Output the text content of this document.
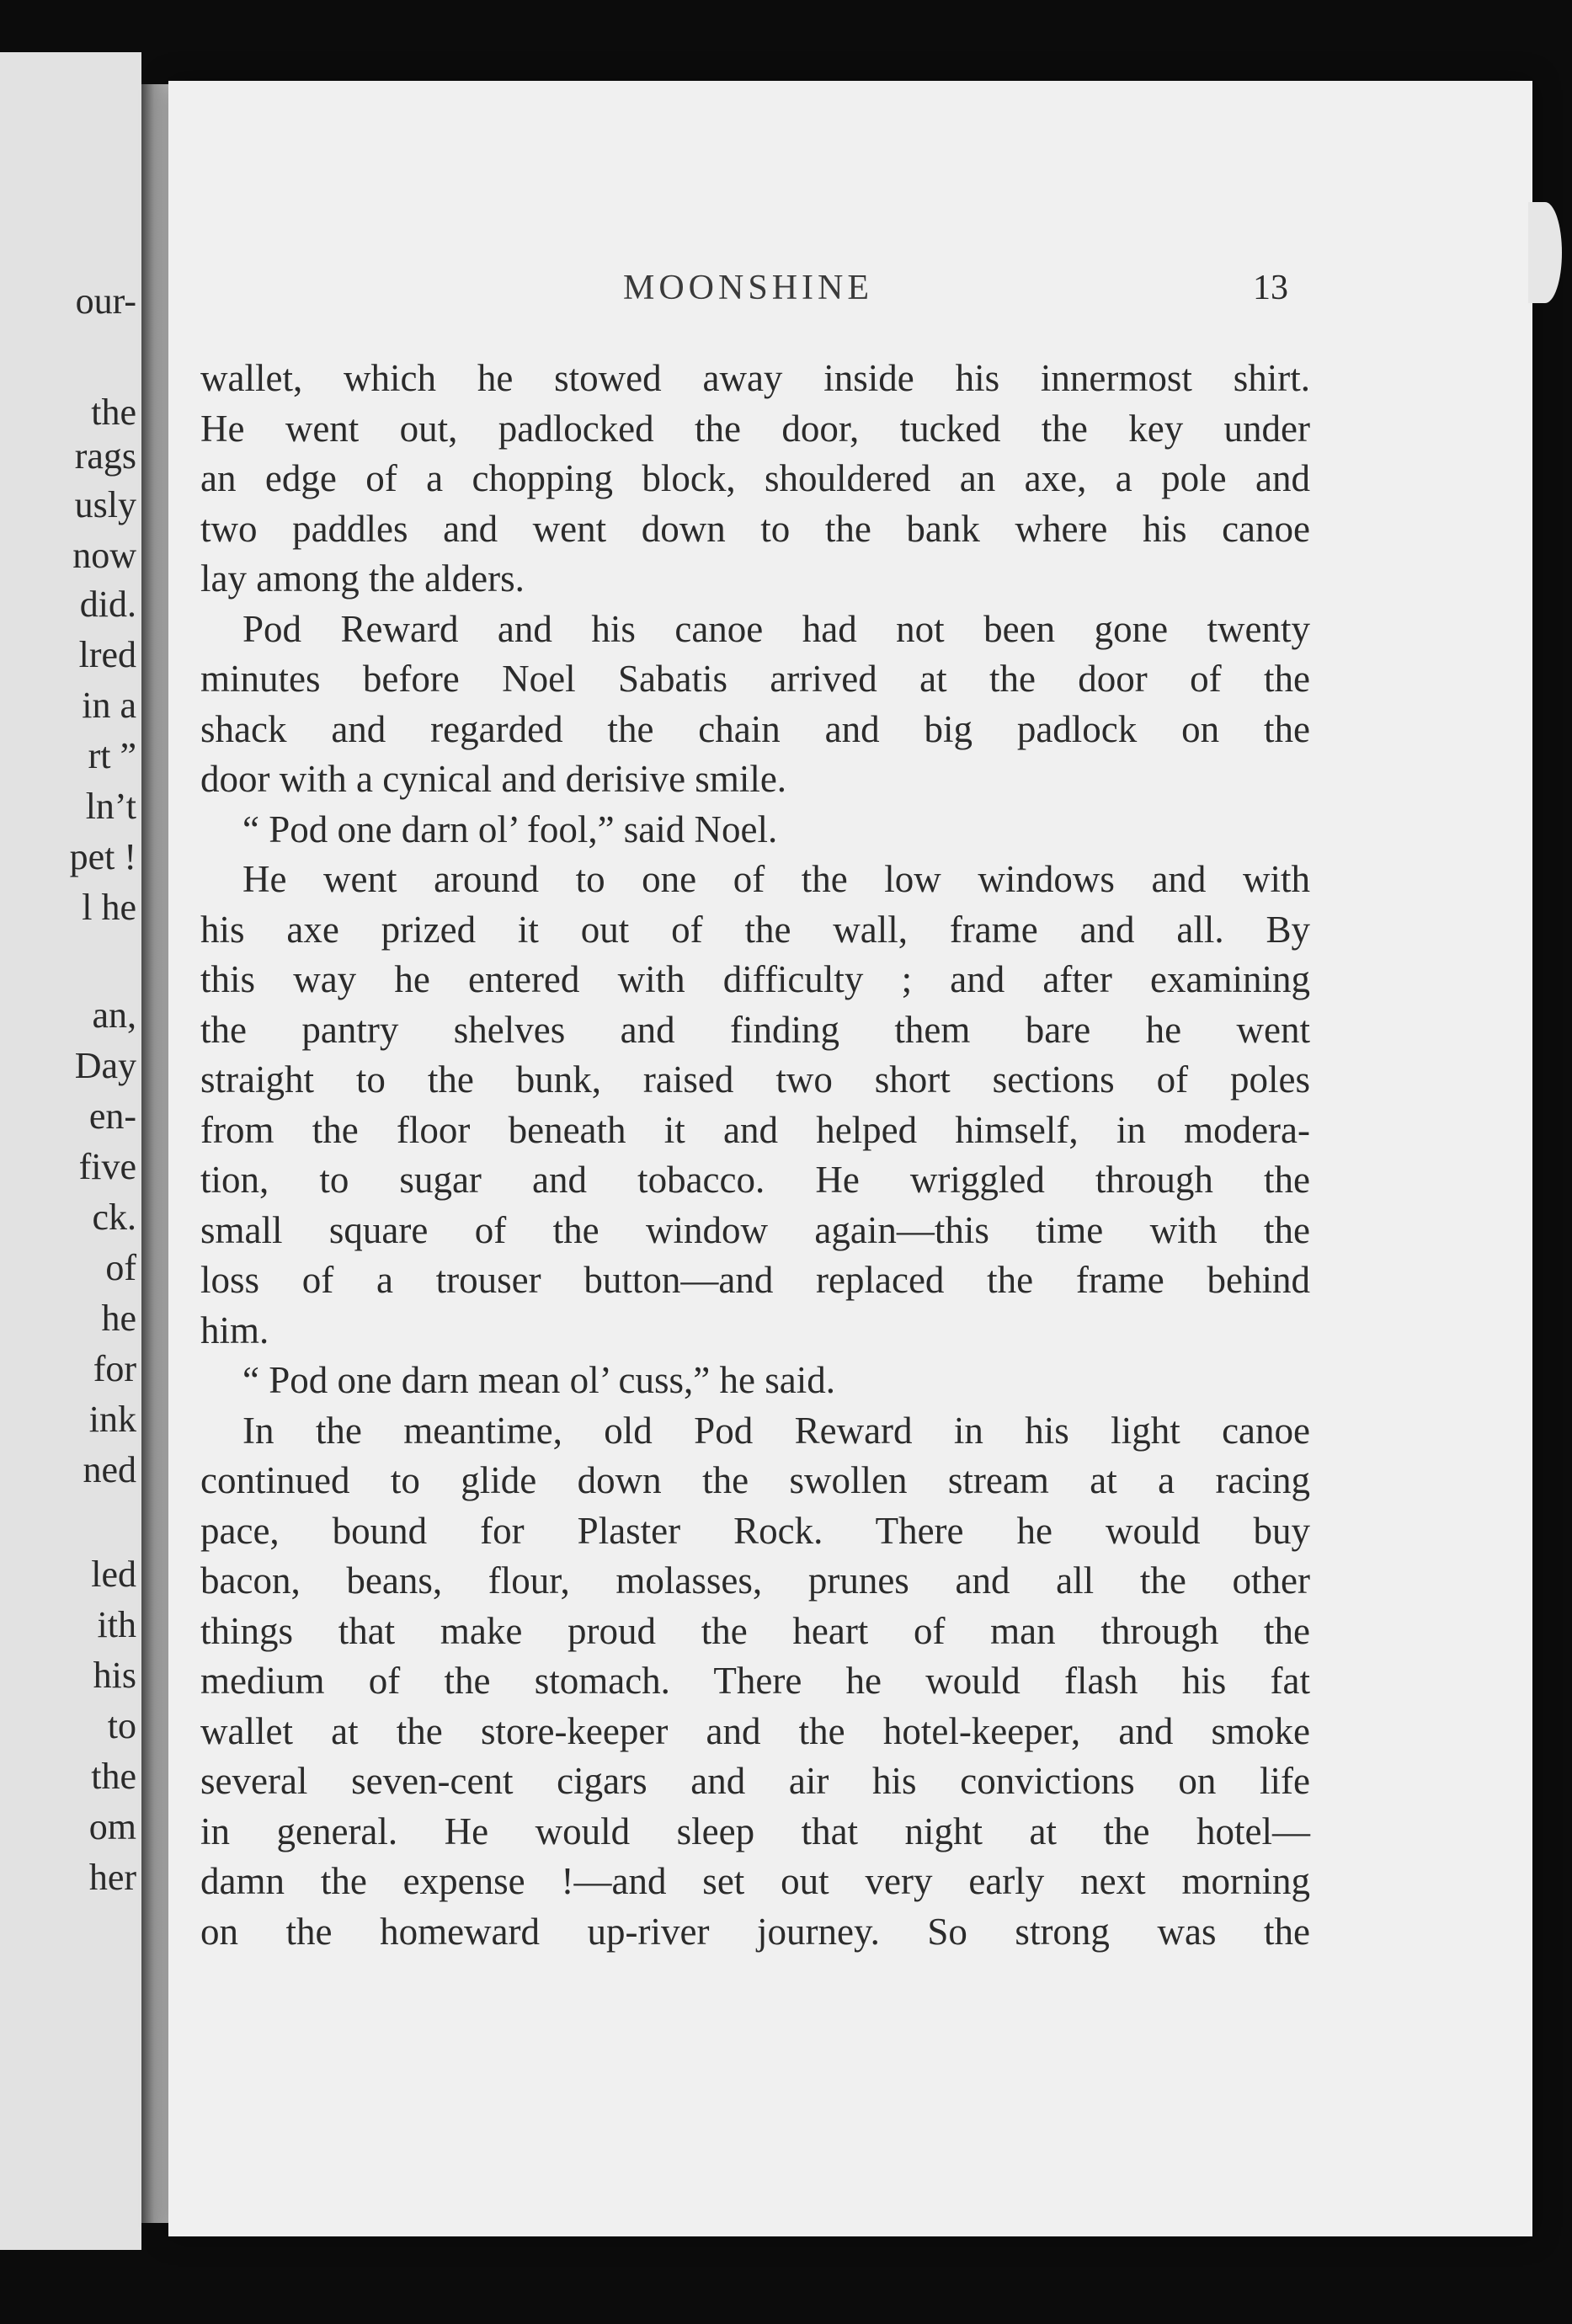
our-
the
rags
usly
now
did.
lred
in a
rt ”
ln’t
pet !
l he
an,
Day
en-
five
ck.
of
he
for
ink
ned
led
ith
his
to
the
om
her
MOONSHINE	13
wallet, which he stowed away inside his innermost shirt.
He went out, padlocked the door, tucked the key under
an edge of a chopping block, shouldered an axe, a pole and
two paddles and went down to the bank where his canoe
lay among the alders.
Pod Reward and his canoe had not been gone twenty
minutes before Noel Sabatis arrived at the door of the
shack and regarded the chain and big padlock on the
door with a cynical and derisive smile.
“ Pod one darn ol’ fool,” said Noel.
He went around to one of the low windows and with
his axe prized it out of the wall, frame and all. By
this way he entered with difficulty ; and after examining
the pantry shelves and finding them bare he went
straight to the bunk, raised two short sections of poles
from the floor beneath it and helped himself, in modera-
tion, to sugar and tobacco. He wriggled through the
small square of the window again—this time with the
loss of a trouser button—and replaced the frame behind
him.
“ Pod one darn mean ol’ cuss,” he said.
In the meantime, old Pod Reward in his light canoe
continued to glide down the swollen stream at a racing
pace, bound for Plaster Rock. There he would buy
bacon, beans, flour, molasses, prunes and all the other
things that make proud the heart of man through the
medium of the stomach. There he would flash his fat
wallet at the store-keeper and the hotel-keeper, and smoke
several seven-cent cigars and air his convictions on life
in general. He would sleep that night at the hotel—
damn the expense !—and set out very early next morning
on the homeward up-river journey. So strong was the
